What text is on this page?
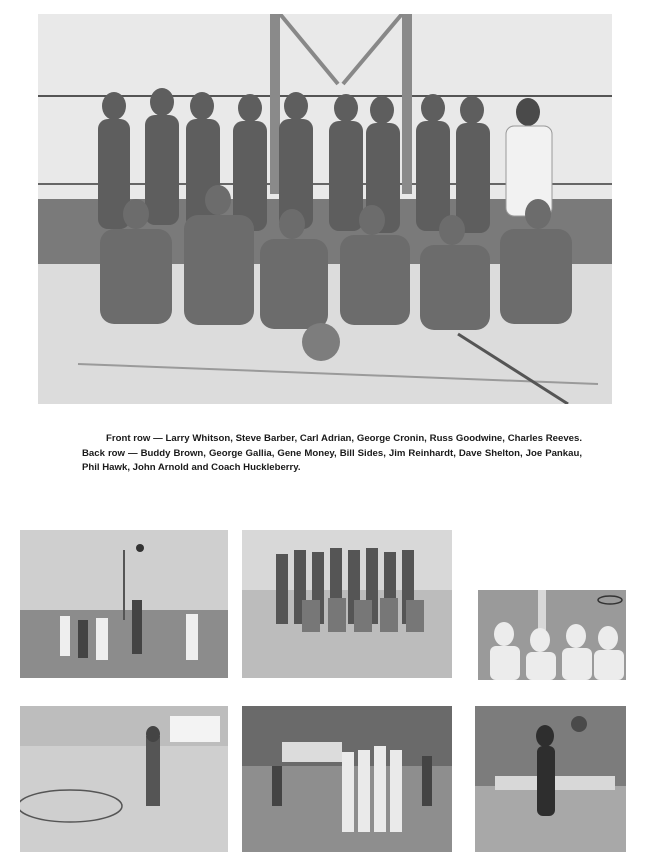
Front row — Larry Whitson, Steve Barber, Carl Adrian, George Cronin, Russ Goodwine, Charles Reeves. Back row — Buddy Brown, George Gallia, Gene Money, Bill Sides, Jim Reinhardt, Dave Shelton, Joe Pankau, Phil Hawk, John Arnold and Coach Huckleberry.
